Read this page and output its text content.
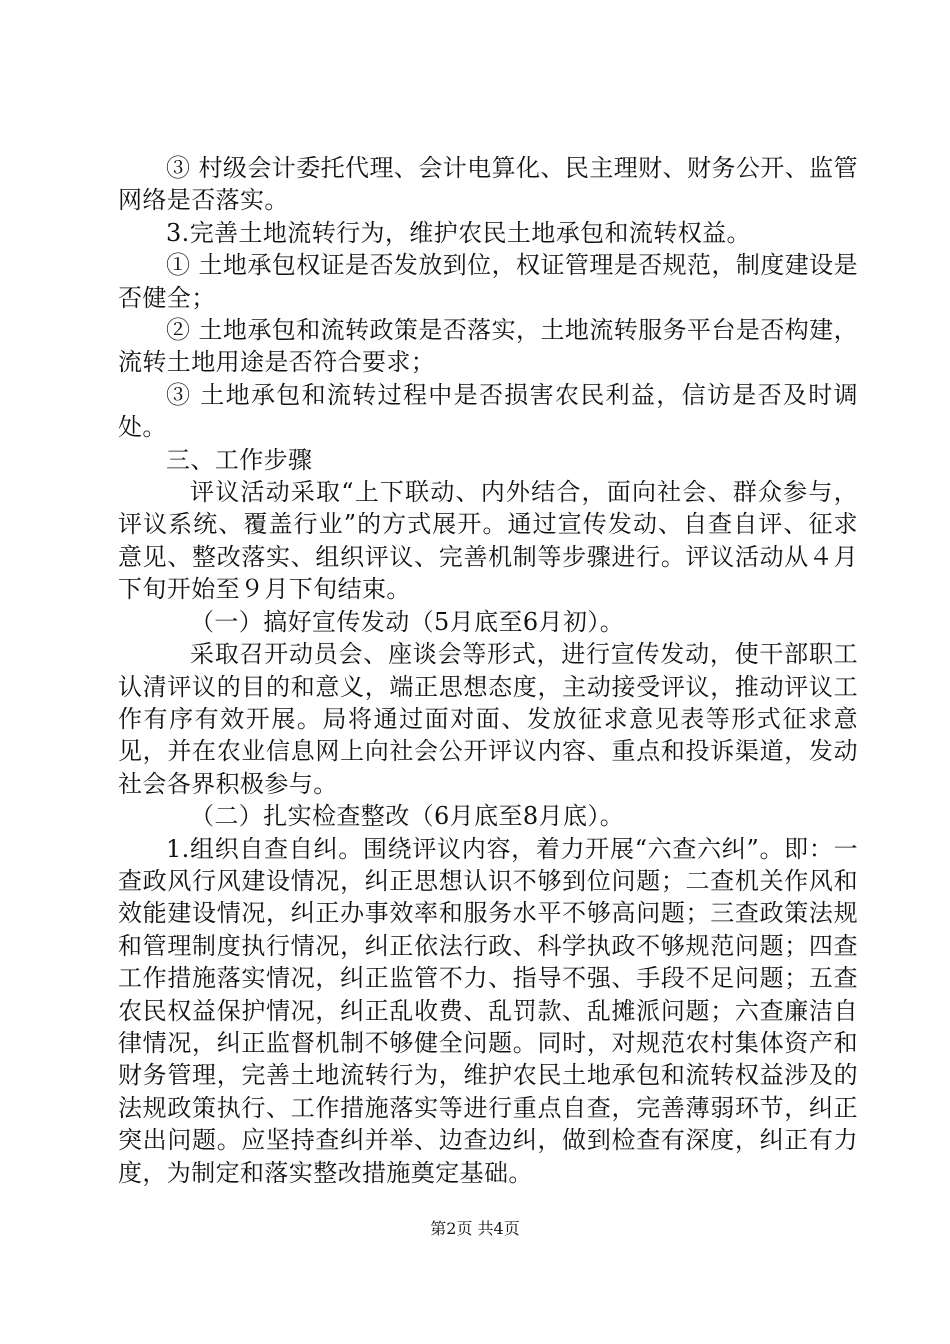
③ 村级会计委托代理、会计电算化、民主理财、财务公开、监管网络是否落实。

3.完善土地流转行为，维护农民土地承包和流转权益。

① 土地承包权证是否发放到位，权证管理是否规范，制度建设是否健全；

② 土地承包和流转政策是否落实，土地流转服务平台是否构建，流转土地用途是否符合要求；

③ 土地承包和流转过程中是否损害农民利益，信访是否及时调处。

三、工作步骤

评议活动采取“上下联动、内外结合，面向社会、群众参与，评议系统、覆盖行业”的方式展开。通过宣传发动、自查自评、征求意见、整改落实、组织评议、完善机制等步骤进行。评议活动从４月下旬开始至９月下旬结束。

（一）搞好宣传发动（5月底至6月初）。

采取召开动员会、座谈会等形式，进行宣传发动，使干部职工认清评议的目的和意义，端正思想态度，主动接受评议，推动评议工作有序有效开展。局将通过面对面、发放征求意见表等形式征求意见，并在农业信息网上向社会公开评议内容、重点和投诉渠道，发动社会各界积极参与。

（二）扎实检查整改（6月底至8月底）。

1.组织自查自纠。围绕评议内容，着力开展“六查六纠”。即：一查政风行风建设情况，纠正思想认识不够到位问题；二查机关作风和效能建设情况，纠正办事效率和服务水平不够高问题；三查政策法规和管理制度执行情况，纠正依法行政、科学执政不够规范问题；四查工作措施落实情况，纠正监管不力、指导不强、手段不足问题；五查农民权益保护情况，纠正乱收费、乱罚款、乱摊派问题；六查廉洁自律情况，纠正监督机制不够健全问题。同时，对规范农村集体资产和财务管理，完善土地流转行为，维护农民土地承包和流转权益涉及的法规政策执行、工作措施落实等进行重点自查，完善薄弱环节，纠正突出问题。应坚持查纠并举、边查边纠，做到检查有深度，纠正有力度，为制定和落实整改措施奠定基础。

第2页 共4页
